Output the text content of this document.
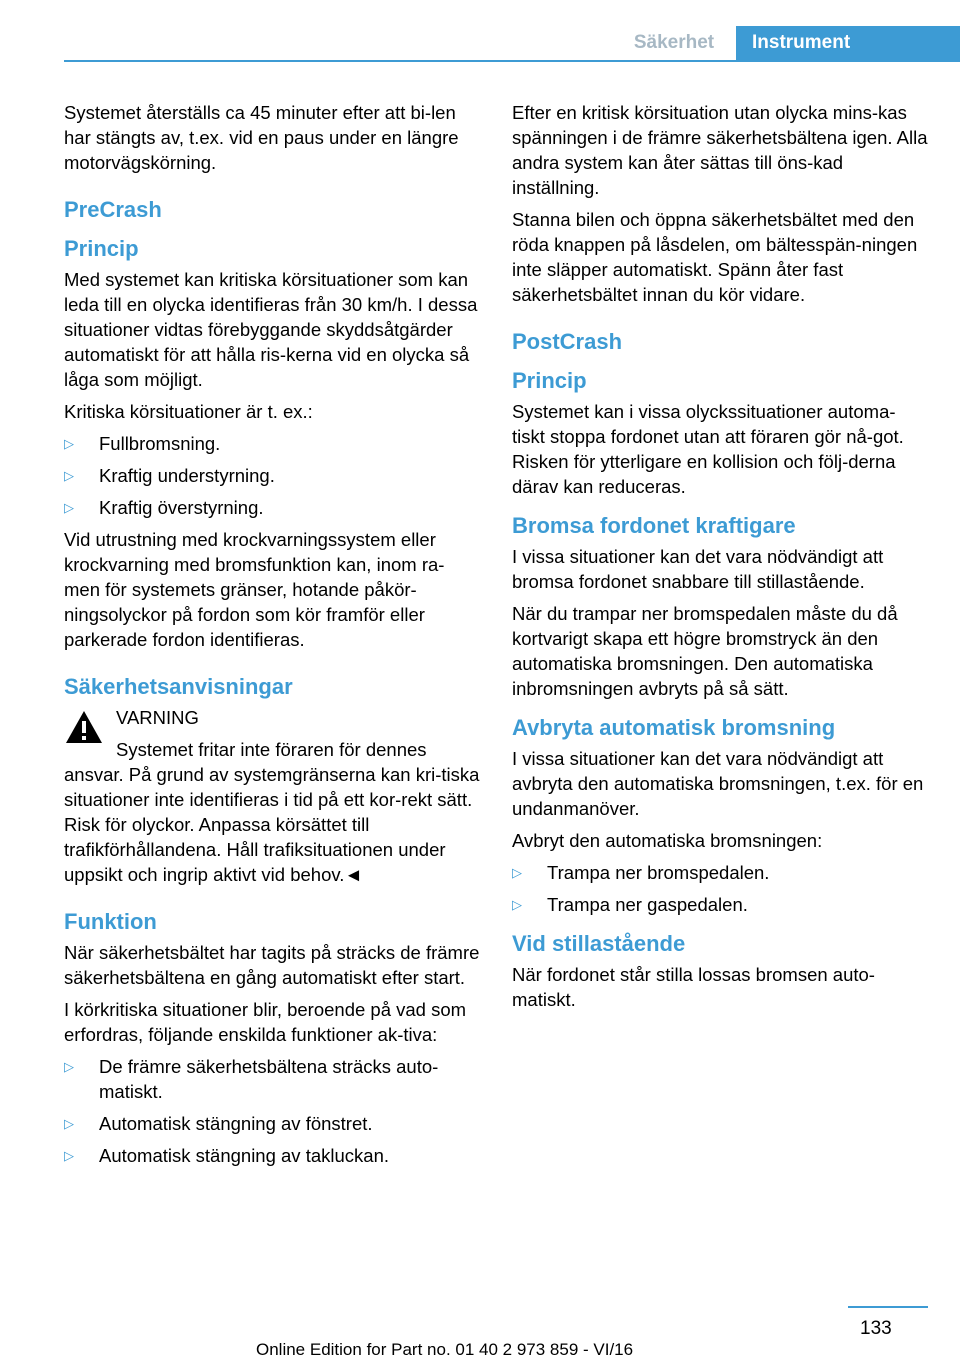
Säkerhet	Instrument

Systemet återställs ca 45 minuter efter att bi-len har stängts av, t.ex. vid en paus under en längre motorvägskörning.

PreCrash
Princip

Med systemet kan kritiska körsituationer som kan leda till en olycka identifieras från 30 km/h. I dessa situationer vidtas förebyggande skyddsåtgärder automatiskt för att hålla ris-kerna vid en olycka så låga som möjligt.

Kritiska körsituationer är t. ex.:

▷ Fullbromsning.
▷ Kraftig understyrning.
▷ Kraftig överstyrning.

Vid utrustning med krockvarningssystem eller krockvarning med bromsfunktion kan, inom ra-men för systemets gränser, hotande påkör-ningsolyckor på fordon som kör framför eller parkerade fordon identifieras.

Säkerhetsanvisningar
VARNING

Systemet fritar inte föraren för dennes

ansvar. På grund av systemgränserna kan kri-tiska situationer inte identifieras i tid på ett kor-rekt sätt. Risk för olyckor. Anpassa körsättet till trafikförhållandena. Håll trafiksituationen under uppsikt och ingrip aktivt vid behov.◄

Funktion

När säkerhetsbältet har tagits på sträcks de främre säkerhetsbältena en gång automatiskt efter start.

I körkritiska situationer blir, beroende på vad som erfordras, följande enskilda funktioner ak-tiva:

▷ De främre säkerhetsbältena sträcks auto-matiskt.
▷ Automatisk stängning av fönstret.
▷ Automatisk stängning av takluckan.

Efter en kritisk körsituation utan olycka mins-kas spänningen i de främre säkerhetsbältena igen. Alla andra system kan åter sättas till öns-kad inställning.

Stanna bilen och öppna säkerhetsbältet med den röda knappen på låsdelen, om bältesspän-ningen inte släpper automatiskt. Spänn åter fast säkerhetsbältet innan du kör vidare.

PostCrash
Princip

Systemet kan i vissa olyckssituationer automa-tiskt stoppa fordonet utan att föraren gör nå-got. Risken för ytterligare en kollision och följ-derna därav kan reduceras.

Bromsa fordonet kraftigare

I vissa situationer kan det vara nödvändigt att bromsa fordonet snabbare till stillastående.

När du trampar ner bromspedalen måste du då kortvarigt skapa ett högre bromstryck än den automatiska bromsningen. Den automatiska inbromsningen avbryts på så sätt.

Avbryta automatisk bromsning

I vissa situationer kan det vara nödvändigt att avbryta den automatiska bromsningen, t.ex. för en undanmanöver.

Avbryt den automatiska bromsningen:

▷ Trampa ner bromspedalen.
▷ Trampa ner gaspedalen.
Vid stillastående

När fordonet står stilla lossas bromsen auto-matiskt.

133
Online Edition for Part no. 01 40 2 973 859 - VI/16
